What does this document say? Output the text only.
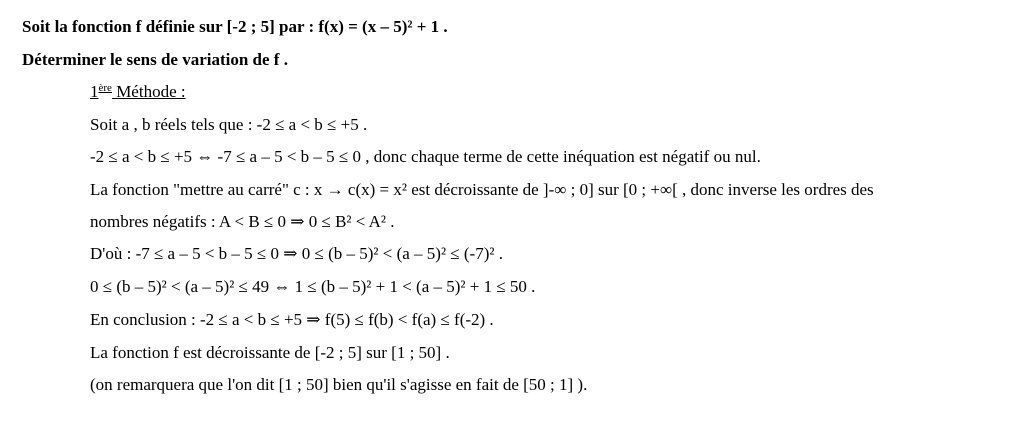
Soit la fonction f définie sur [-2 ; 5] par : f(x) = (x – 5)² + 1 .
Déterminer le sens de variation de f .
1ère Méthode :
Soit a , b réels tels que : -2 ≤ a < b ≤ +5 .
-2 ≤ a < b ≤ +5 ⇔ -7 ≤ a – 5 < b – 5 ≤ 0 , donc chaque terme de cette inéquation est négatif ou nul.
La fonction "mettre au carré" c : x → c(x) = x² est décroissante de ]-∞ ; 0] sur [0 ; +∞[ , donc inverse les ordres des
nombres négatifs : A < B ≤ 0 ⇒ 0 ≤ B² < A² .
D'où : -7 ≤ a – 5 < b – 5 ≤ 0 ⇒ 0 ≤ (b – 5)² < (a – 5)² ≤ (-7)² .
0 ≤ (b – 5)² < (a – 5)² ≤ 49 ⇔ 1 ≤ (b – 5)² + 1 < (a – 5)² + 1 ≤ 50 .
En conclusion : -2 ≤ a < b ≤ +5 ⇒ f(5) ≤ f(b) < f(a) ≤ f(-2) .
La fonction f est décroissante de [-2 ; 5] sur [1 ; 50] .
(on remarquera que l'on dit [1 ; 50] bien qu'il s'agisse en fait de [50 ; 1] ).
